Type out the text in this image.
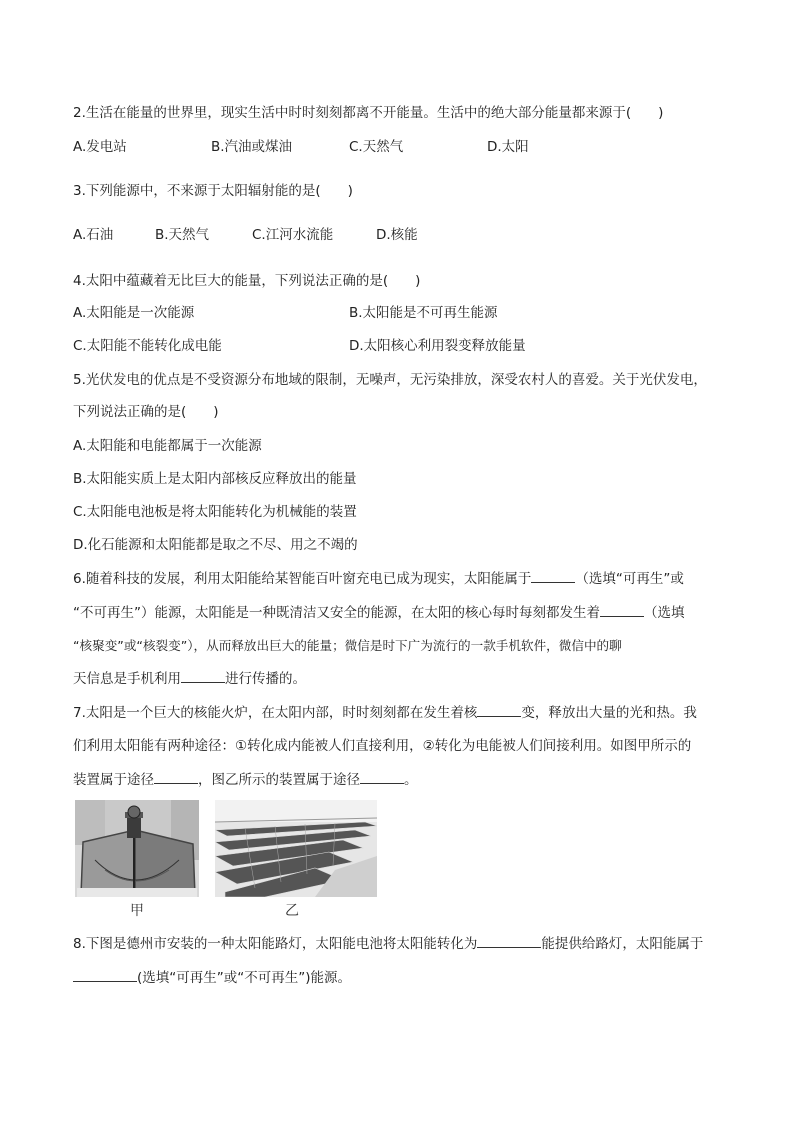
2.生活在能量的世界里，现实生活中时时刻刻都离不开能量。生活中的绝大部分能量都来源于(　　)
A.发电站	B.汽油或煤油	C.天然气	D.太阳
3.下列能源中，不来源于太阳辐射能的是(　　)
A.石油	B.天然气	C.江河水流能	D.核能
4.太阳中蕴藏着无比巨大的能量，下列说法正确的是(　　)
A.太阳能是一次能源	B.太阳能是不可再生能源
C.太阳能不能转化成电能	D.太阳核心利用裂变释放能量
5.光伏发电的优点是不受资源分布地域的限制，无噪声，无污染排放，深受农村人的喜爱。关于光伏发电，
下列说法正确的是(　　)
A.太阳能和电能都属于一次能源
B.太阳能实质上是太阳内部核反应释放出的能量
C.太阳能电池板是将太阳能转化为机械能的装置
D.化石能源和太阳能都是取之不尽、用之不竭的
6.随着科技的发展，利用太阳能给某智能百叶窗充电已成为现实，太阳能属于	（选填“可再生”或
“不可再生”）能源，太阳能是一种既清洁又安全的能源，在太阳的核心每时每刻都发生着	（选填
“核聚变”或“核裂变”），从而释放出巨大的能量；微信是时下广为流行的一款手机软件，微信中的聊
天信息是手机利用	进行传播的。
7.太阳是一个巨大的核能火炉，在太阳内部，时时刻刻都在发生着核	变，释放出大量的光和热。我
们利用太阳能有两种途径：①转化成内能被人们直接利用，②转化为电能被人们间接利用。如图甲所示的
装置属于途径	，图乙所示的装置属于途径	。
甲	乙
8.下图是德州市安装的一种太阳能路灯，太阳能电池将太阳能转化为	能提供给路灯，太阳能属于
(选填“可再生”或“不可再生”)能源。
